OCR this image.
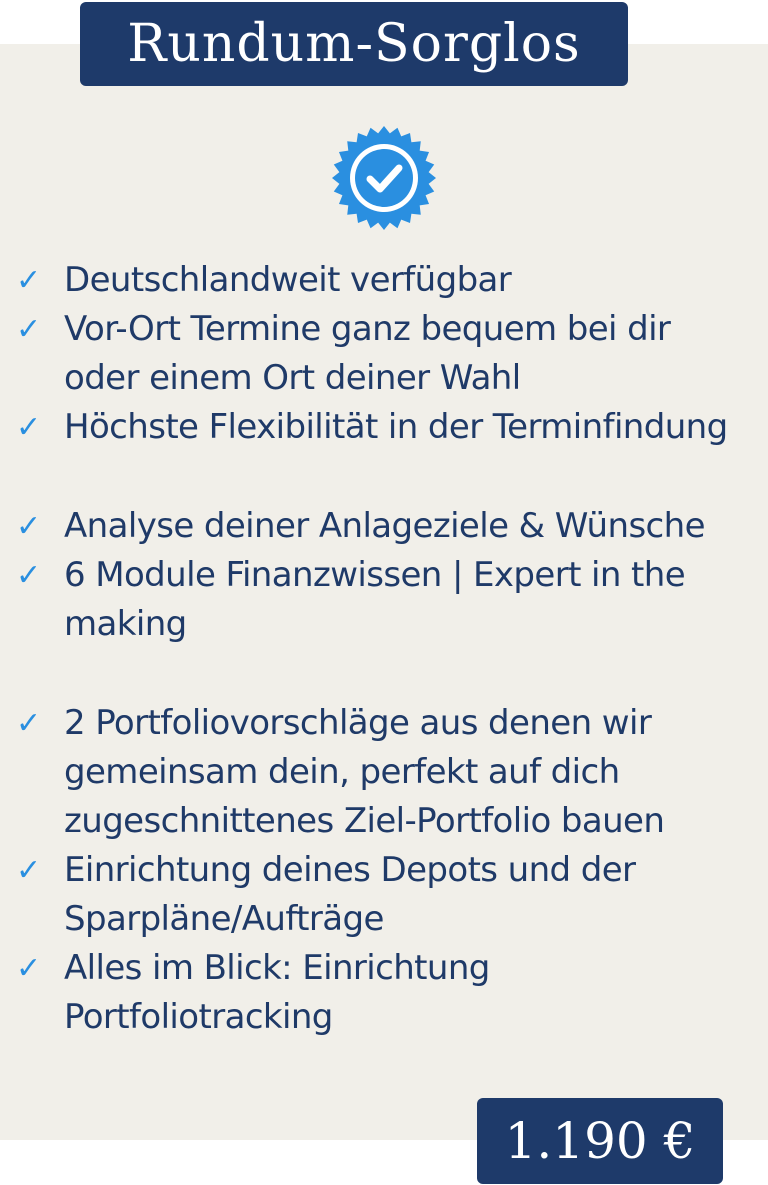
Rundum-Sorglos
✓ Deutschlandweit verfügbar
✓ Vor-Ort Termine ganz bequem bei dir oder einem Ort deiner Wahl
✓ Höchste Flexibilität in der Terminfindung
✓ Analyse deiner Anlageziele & Wünsche
✓ 6 Module Finanzwissen | Expert in the making
✓ 2 Portfoliovorschläge aus denen wir gemeinsam dein, perfekt auf dich zugeschnittenes Ziel-Portfolio bauen
✓ Einrichtung deines Depots und der Sparpläne/Aufträge
✓ Alles im Blick: Einrichtung Portfoliotracking
1.190 €
